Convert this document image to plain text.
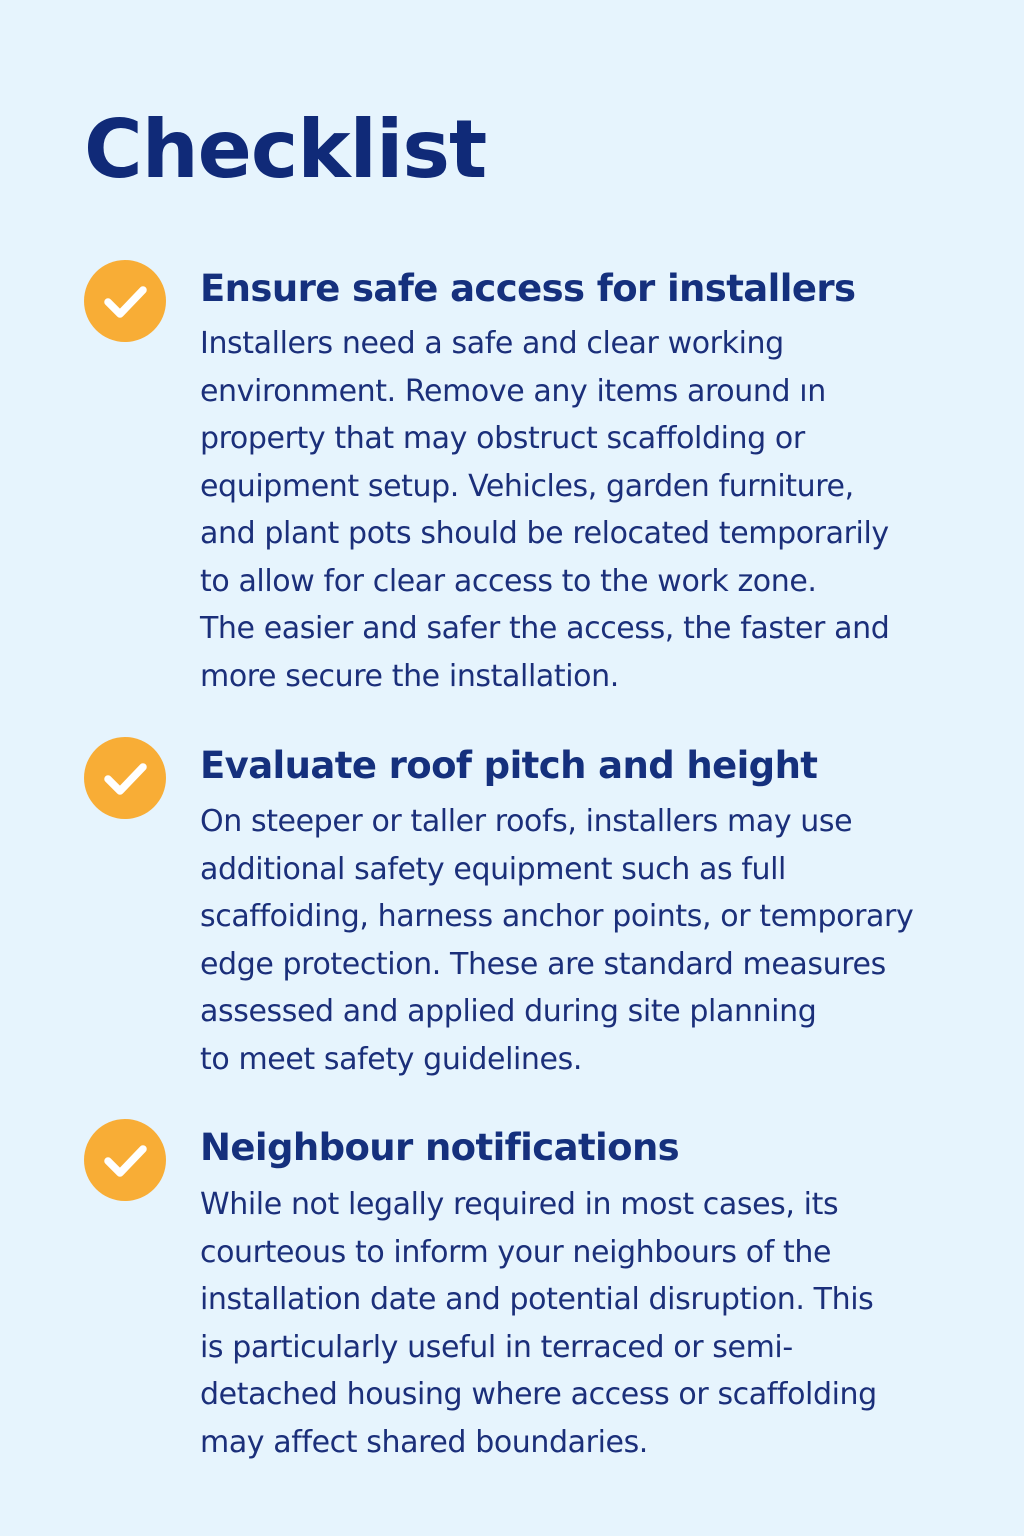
Checklist
Ensure safe access for installers

Installers need a safe and clear working
environment. Remove any items around ın
property that may obstruct scaffolding or
equipment setup. Vehicles, garden furniture,
and plant pots should be relocated temporarily
to allow for clear access to the work zone.
The easier and safer the access, the faster and
more secure the installation.

Evaluate roof pitch and height

On steeper or taller roofs, installers may use
additional safety equipment such as full
scaffoiding, harness anchor points, or temporary
edge protection. These are standard measures
assessed and applied during site planning
to meet safety guidelines.

Neighbour notifications

While not legally required in most cases, its
courteous to inform your neighbours of the
installation date and potential disruption. This
is particularly useful in terraced or semi-
detached housing where access or scaffolding
may affect shared boundaries.
